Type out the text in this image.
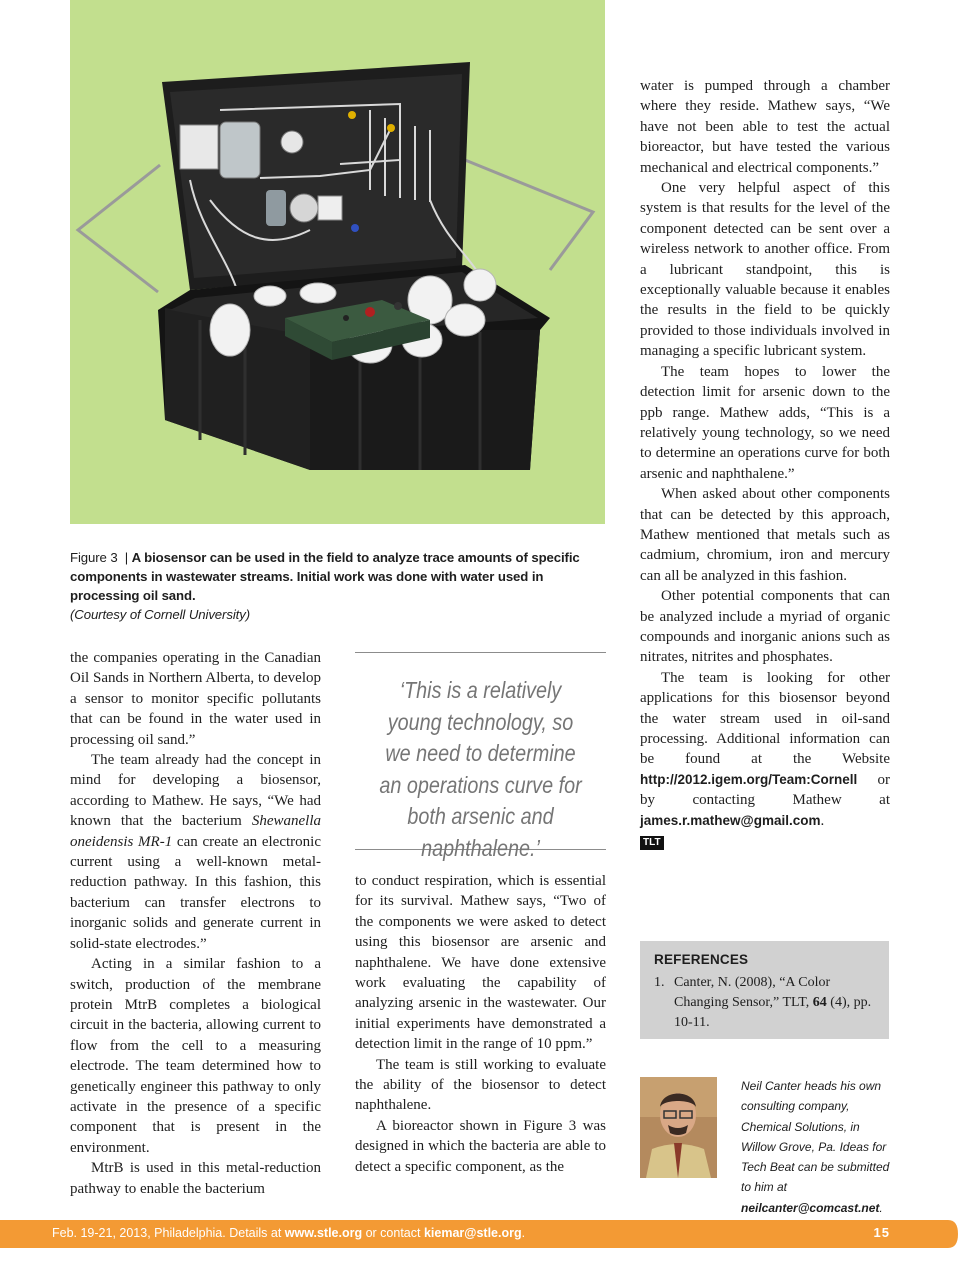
Figure 3 | A biosensor can be used in the field to analyze trace amounts of specific components in wastewater streams. Initial work was done with water used in processing oil sand.
(Courtesy of Cornell University)

the companies operating in the Canadian Oil Sands in Northern Alberta, to develop a sensor to monitor specific pollutants that can be found in the water used in processing oil sand.”

The team already had the concept in mind for developing a biosensor, according to Mathew. He says, “We had known that the bacterium Shewanella oneidensis MR-1 can create an electronic current using a well-known metal-reduction pathway. In this fashion, this bacterium can transfer electrons to inorganic solids and generate current in solid-state electrodes.”

Acting in a similar fashion to a switch, production of the membrane protein MtrB completes a biological circuit in the bacteria, allowing current to flow from the cell to a measuring electrode. The team determined how to genetically engineer this pathway to only activate in the presence of a specific component that is present in the environment.

MtrB is used in this metal-reduction pathway to enable the bacterium

‘This is a relatively young technology, so we need to determine an operations curve for both arsenic and naphthalene.’

to conduct respiration, which is essential for its survival. Mathew says, “Two of the components we were asked to detect using this biosensor are arsenic and naphthalene. We have done extensive work evaluating the capability of analyzing arsenic in the wastewater. Our initial experiments have demonstrated a detection limit in the range of 10 ppm.”

The team is still working to evaluate the ability of the biosensor to detect naphthalene.

A bioreactor shown in Figure 3 was designed in which the bacteria are able to detect a specific component, as the

water is pumped through a chamber where they reside. Mathew says, “We have not been able to test the actual bioreactor, but have tested the various mechanical and electrical components.”

One very helpful aspect of this system is that results for the level of the component detected can be sent over a wireless network to another office. From a lubricant standpoint, this is exceptionally valuable because it enables the results in the field to be quickly provided to those individuals involved in managing a specific lubricant system.

The team hopes to lower the detection limit for arsenic down to the ppb range. Mathew adds, “This is a relatively young technology, so we need to determine an operations curve for both arsenic and naphthalene.”

When asked about other components that can be detected by this approach, Mathew mentioned that metals such as cadmium, chromium, iron and mercury can all be analyzed in this fashion.

Other potential components that can be analyzed include a myriad of organic compounds and inorganic anions such as nitrates, nitrites and phosphates.

The team is looking for other applications for this biosensor beyond the water stream used in oil-sand processing. Additional information can be found at the Website http://2012.igem.org/Team:Cornell or by contacting Mathew at james.r.mathew@gmail.com.

TLT
REFERENCES
1. Canter, N. (2008), “A Color Changing Sensor,” TLT, 64 (4), pp. 10-11.
Neil Canter heads his own consulting company, Chemical Solutions, in Willow Grove, Pa. Ideas for Tech Beat can be submitted to him at neilcanter@comcast.net.
Feb. 19-21, 2013, Philadelphia. Details at www.stle.org or contact kiemar@stle.org.	15
